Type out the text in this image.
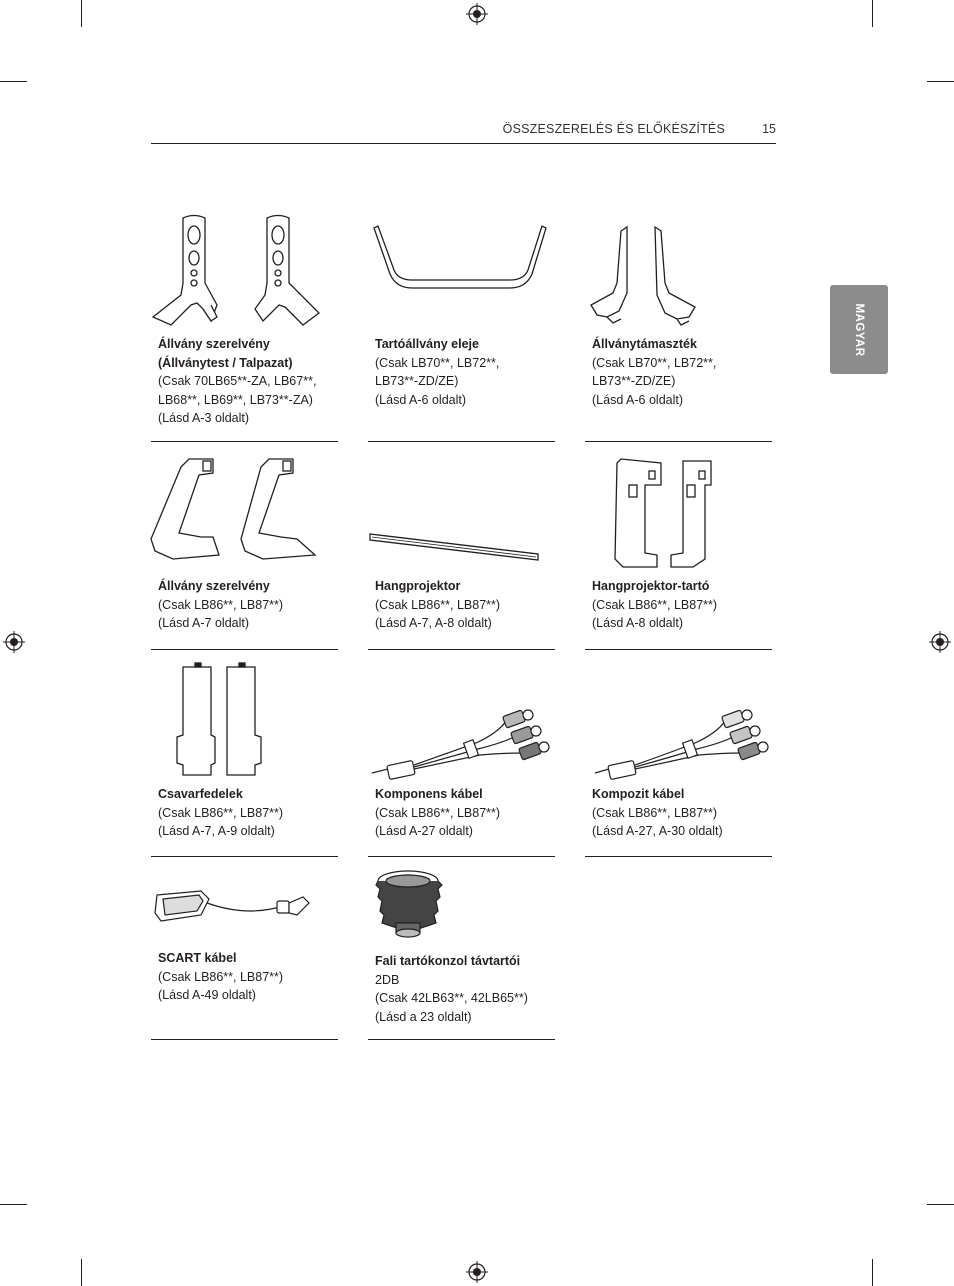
ÖSSZESZERELÉS ÉS ELŐKÉSZÍTÉS	15
MAGYAR
Állvány szerelvény
(Állványtest / Talpazat)
(Csak 70LB65**-ZA, LB67**,
LB68**, LB69**, LB73**-ZA)
(Lásd A-3 oldalt)
Tartóállvány eleje
(Csak LB70**, LB72**,
LB73**-ZD/ZE)
(Lásd A-6 oldalt)
Állványtámaszték
(Csak LB70**, LB72**,
LB73**-ZD/ZE)
(Lásd A-6 oldalt)
Állvány szerelvény
(Csak LB86**, LB87**)
(Lásd A-7 oldalt)
Hangprojektor
(Csak LB86**, LB87**)
(Lásd A-7, A-8 oldalt)
Hangprojektor-tartó
(Csak LB86**, LB87**)
(Lásd A-8 oldalt)
Csavarfedelek
(Csak LB86**, LB87**)
(Lásd A-7, A-9 oldalt)
Komponens kábel
(Csak LB86**, LB87**)
(Lásd A-27 oldalt)
Kompozit kábel
(Csak LB86**, LB87**)
(Lásd A-27, A-30 oldalt)
SCART kábel
(Csak LB86**, LB87**)
(Lásd A-49 oldalt)
Fali tartókonzol távtartói
2DB
(Csak 42LB63**, 42LB65**)
(Lásd a 23 oldalt)
